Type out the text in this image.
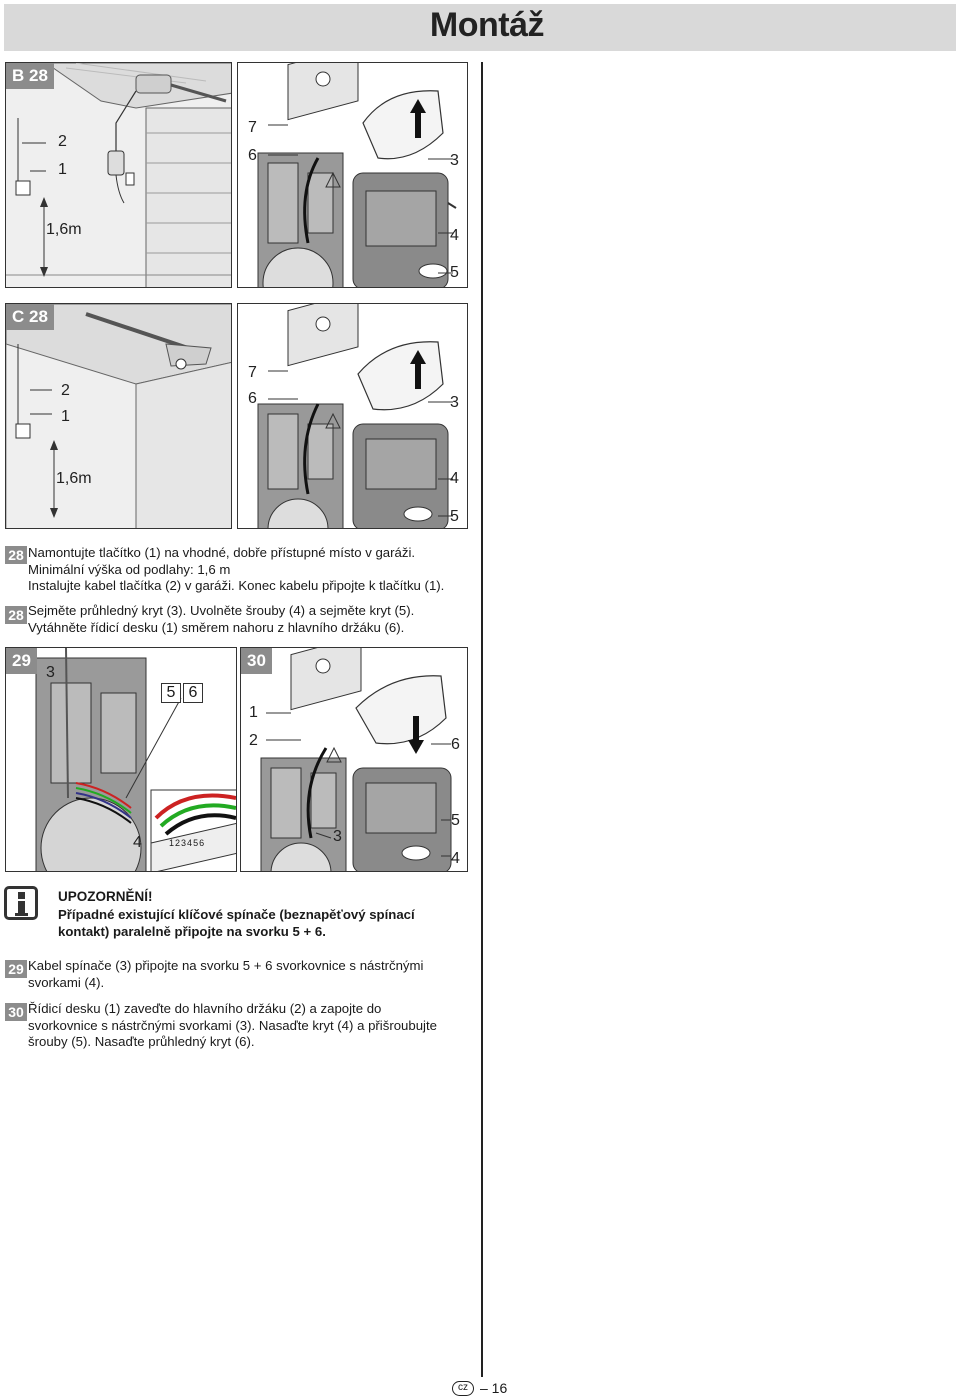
Montáž
B 28
2
1
1,6m
7
6	3
4
5
C 28
2
1
1,6m
7
6	3
4
5
28 Namontujte tlačítko (1) na vhodné, dobře přístupné místo v garáži.
Minimální výška od podlahy: 1,6 m
Instalujte kabel tlačítka (2) v garáži. Konec kabelu připojte k tlačítku (1).
28 Sejměte průhledný kryt (3). Uvolněte šrouby (4) a sejměte kryt (5).
Vytáhněte řídicí desku (1) směrem nahoru z hlavního držáku (6).
29
3
5 6
4	1 2 3 4 5 6
30
1
2	6
3
5
4
UPOZORNĚNÍ!
Případné existující klíčové spínače (beznapěťový spínací kontakt) paralelně připojte na svorku 5 + 6.
29 Kabel spínače (3) připojte na svorku 5 + 6 svorkovnice s nástrčnými
svorkami (4).
30 Řídicí desku (1) zaveďte do hlavního držáku (2) a zapojte do
svorkovnice s nástrčnými svorkami (3). Nasaďte kryt (4) a přišroubujte
šrouby (5). Nasaďte průhledný kryt (6).
cz – 16
